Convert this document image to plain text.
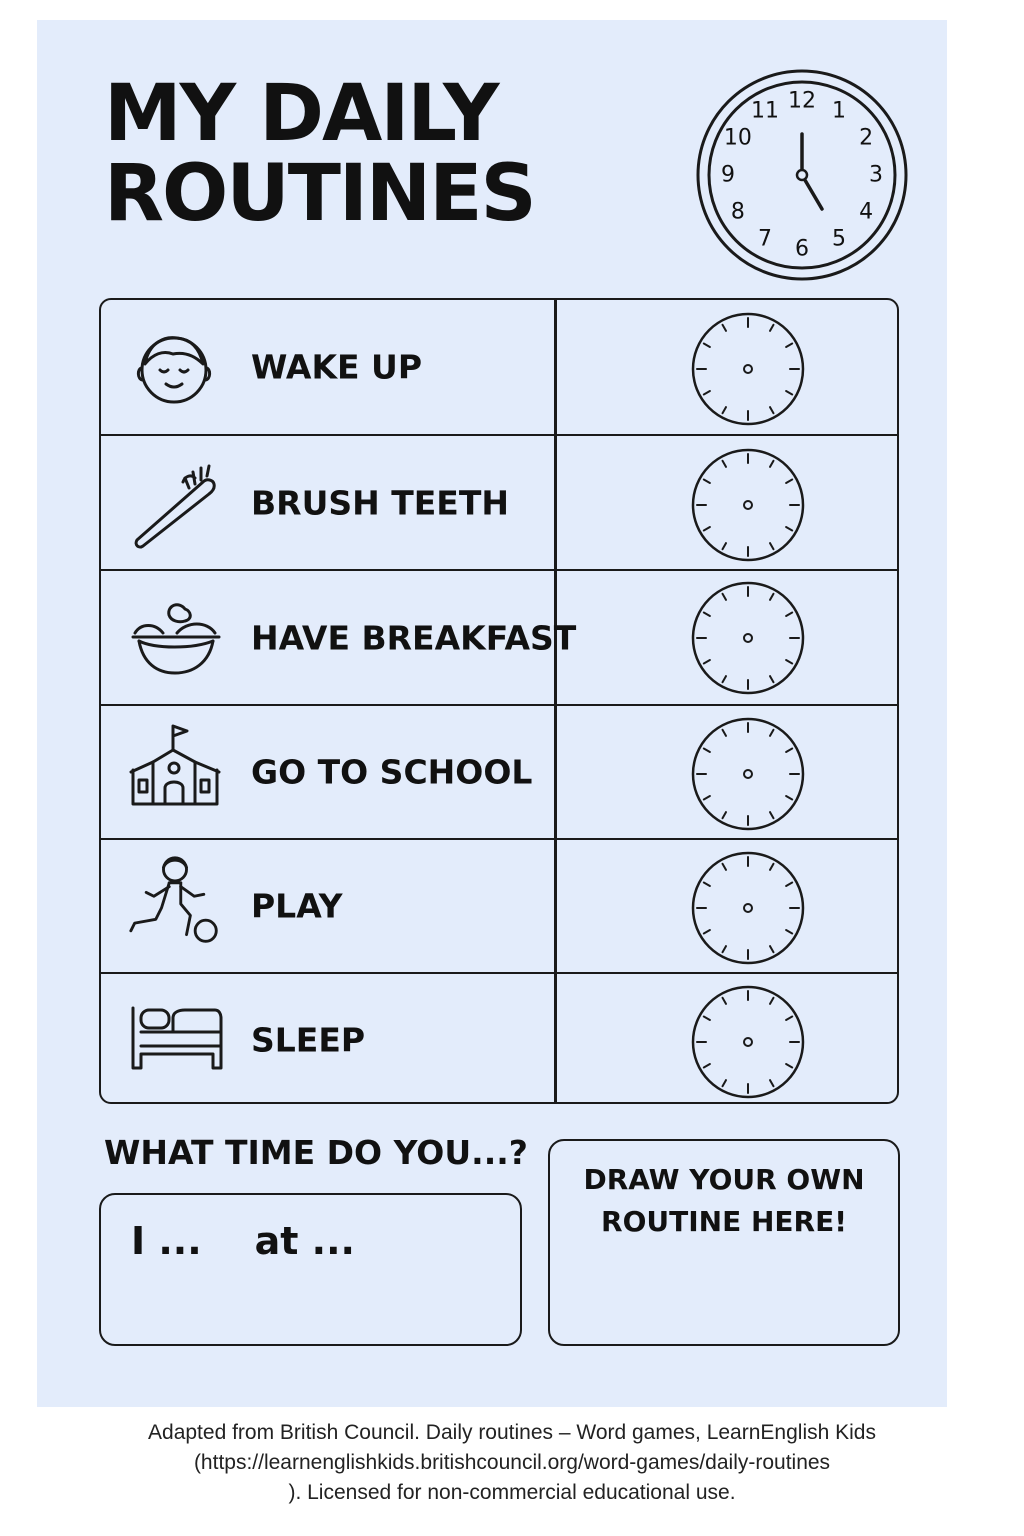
MY DAILY
ROUTINES
12 1
2
3
4
5
6
7
8
9
10
11
WAKE UP
BRUSH TEETH
HAVE BREAKFAST
GO TO SCHOOL
PLAY
SLEEP
WHAT TIME DO YOU...?
I ...    at ...
DRAW YOUR OWN
ROUTINE HERE!
Adapted from British Council. Daily routines – Word games, LearnEnglish Kids
(https://learnenglishkids.britishcouncil.org/word-games/daily-routines
). Licensed for non-commercial educational use.
